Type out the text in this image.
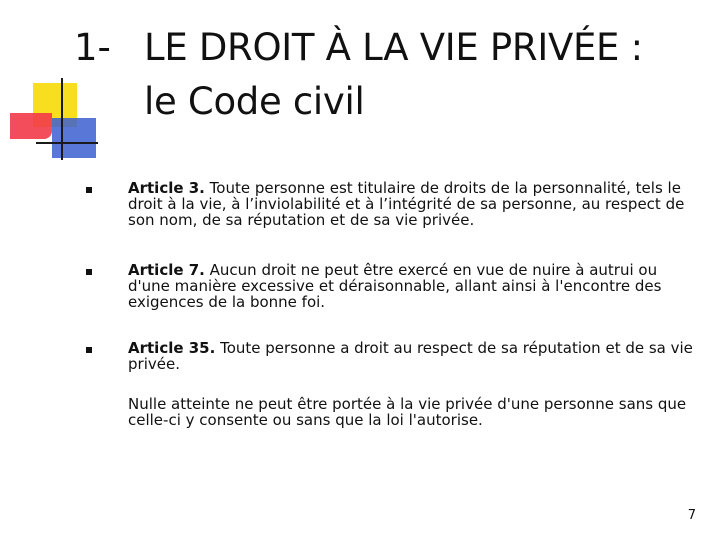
1- LE DROIT À LA VIE PRIVÉE :
le Code civil
Article 3. Toute personne est titulaire de droits de la personnalité, tels le droit à la vie, à l’inviolabilité et à l’intégrité de sa personne, au respect de son nom, de sa réputation et de sa vie privée.
Article 7. Aucun droit ne peut être exercé en vue de nuire à autrui ou d'une manière excessive et déraisonnable, allant ainsi à l'encontre des exigences de la bonne foi.
Article 35. Toute personne a droit au respect de sa réputation et de sa vie privée.
Nulle atteinte ne peut être portée à la vie privée d'une personne sans que celle-ci y consente ou sans que la loi l'autorise.
7
